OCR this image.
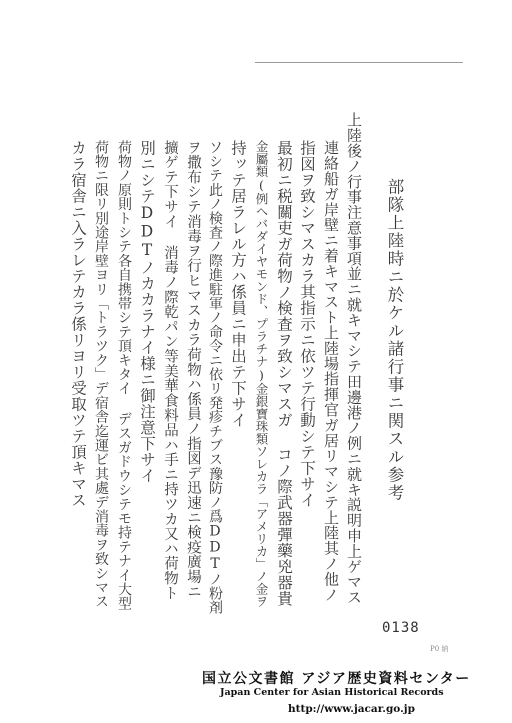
部隊上陸時ニ於ケル諸行事ニ関スル参考
上陸後ノ行事注意事項並ニ就キマシテ田邊港ノ例ニ就キ説明申上ゲマス
連絡船ガ岸壁ニ着キマスト上陸場指揮官ガ居リマシテ上陸其ノ他ノ
指図ヲ致シマスカラ其指示ニ依ツテ行動シテ下サイ
最初ニ税關吏ガ荷物ノ検査ヲ致シマスガ コノ際武器彈藥兇器貴
金屬類(例ヘバダイヤモンド、プラチナ)金銀寶珠類ソレカラ「アメリカ」ノ金ヲ
持ッテ居ラレル方ハ係員ニ申出テ下サイ
ソシテ此ノ検査ノ際進駐軍ノ命令ニ依リ発疹チブス豫防ノ爲DDTノ粉剤
ヲ撒布シテ消毒ヲ行ヒマスカラ荷物ハ係員ノ指図デ迅速ニ検疫廣場ニ
擴ゲテ下サイ 消毒ノ際乾パン等美華食料品ハ手ニ持ツカ又ハ荷物ト
別ニシテDDTノカカラナイ様ニ御注意下サイ
荷物ノ原則トシテ各自携帯シテ頂キタイ デスガドウシテモ持テナイ大型
荷物ニ限リ別途岸壁ヨリ「トラツク」デ宿舎迄運ビ其處デ消毒ヲ致シマス
カラ宿舎ニ入ラレテカラ係リヨリ受取ツテ頂キマス
0138
P0 納
国立公文書館 アジア歴史資料センター
Japan Center for Asian Historical Records
http://www.jacar.go.jp
